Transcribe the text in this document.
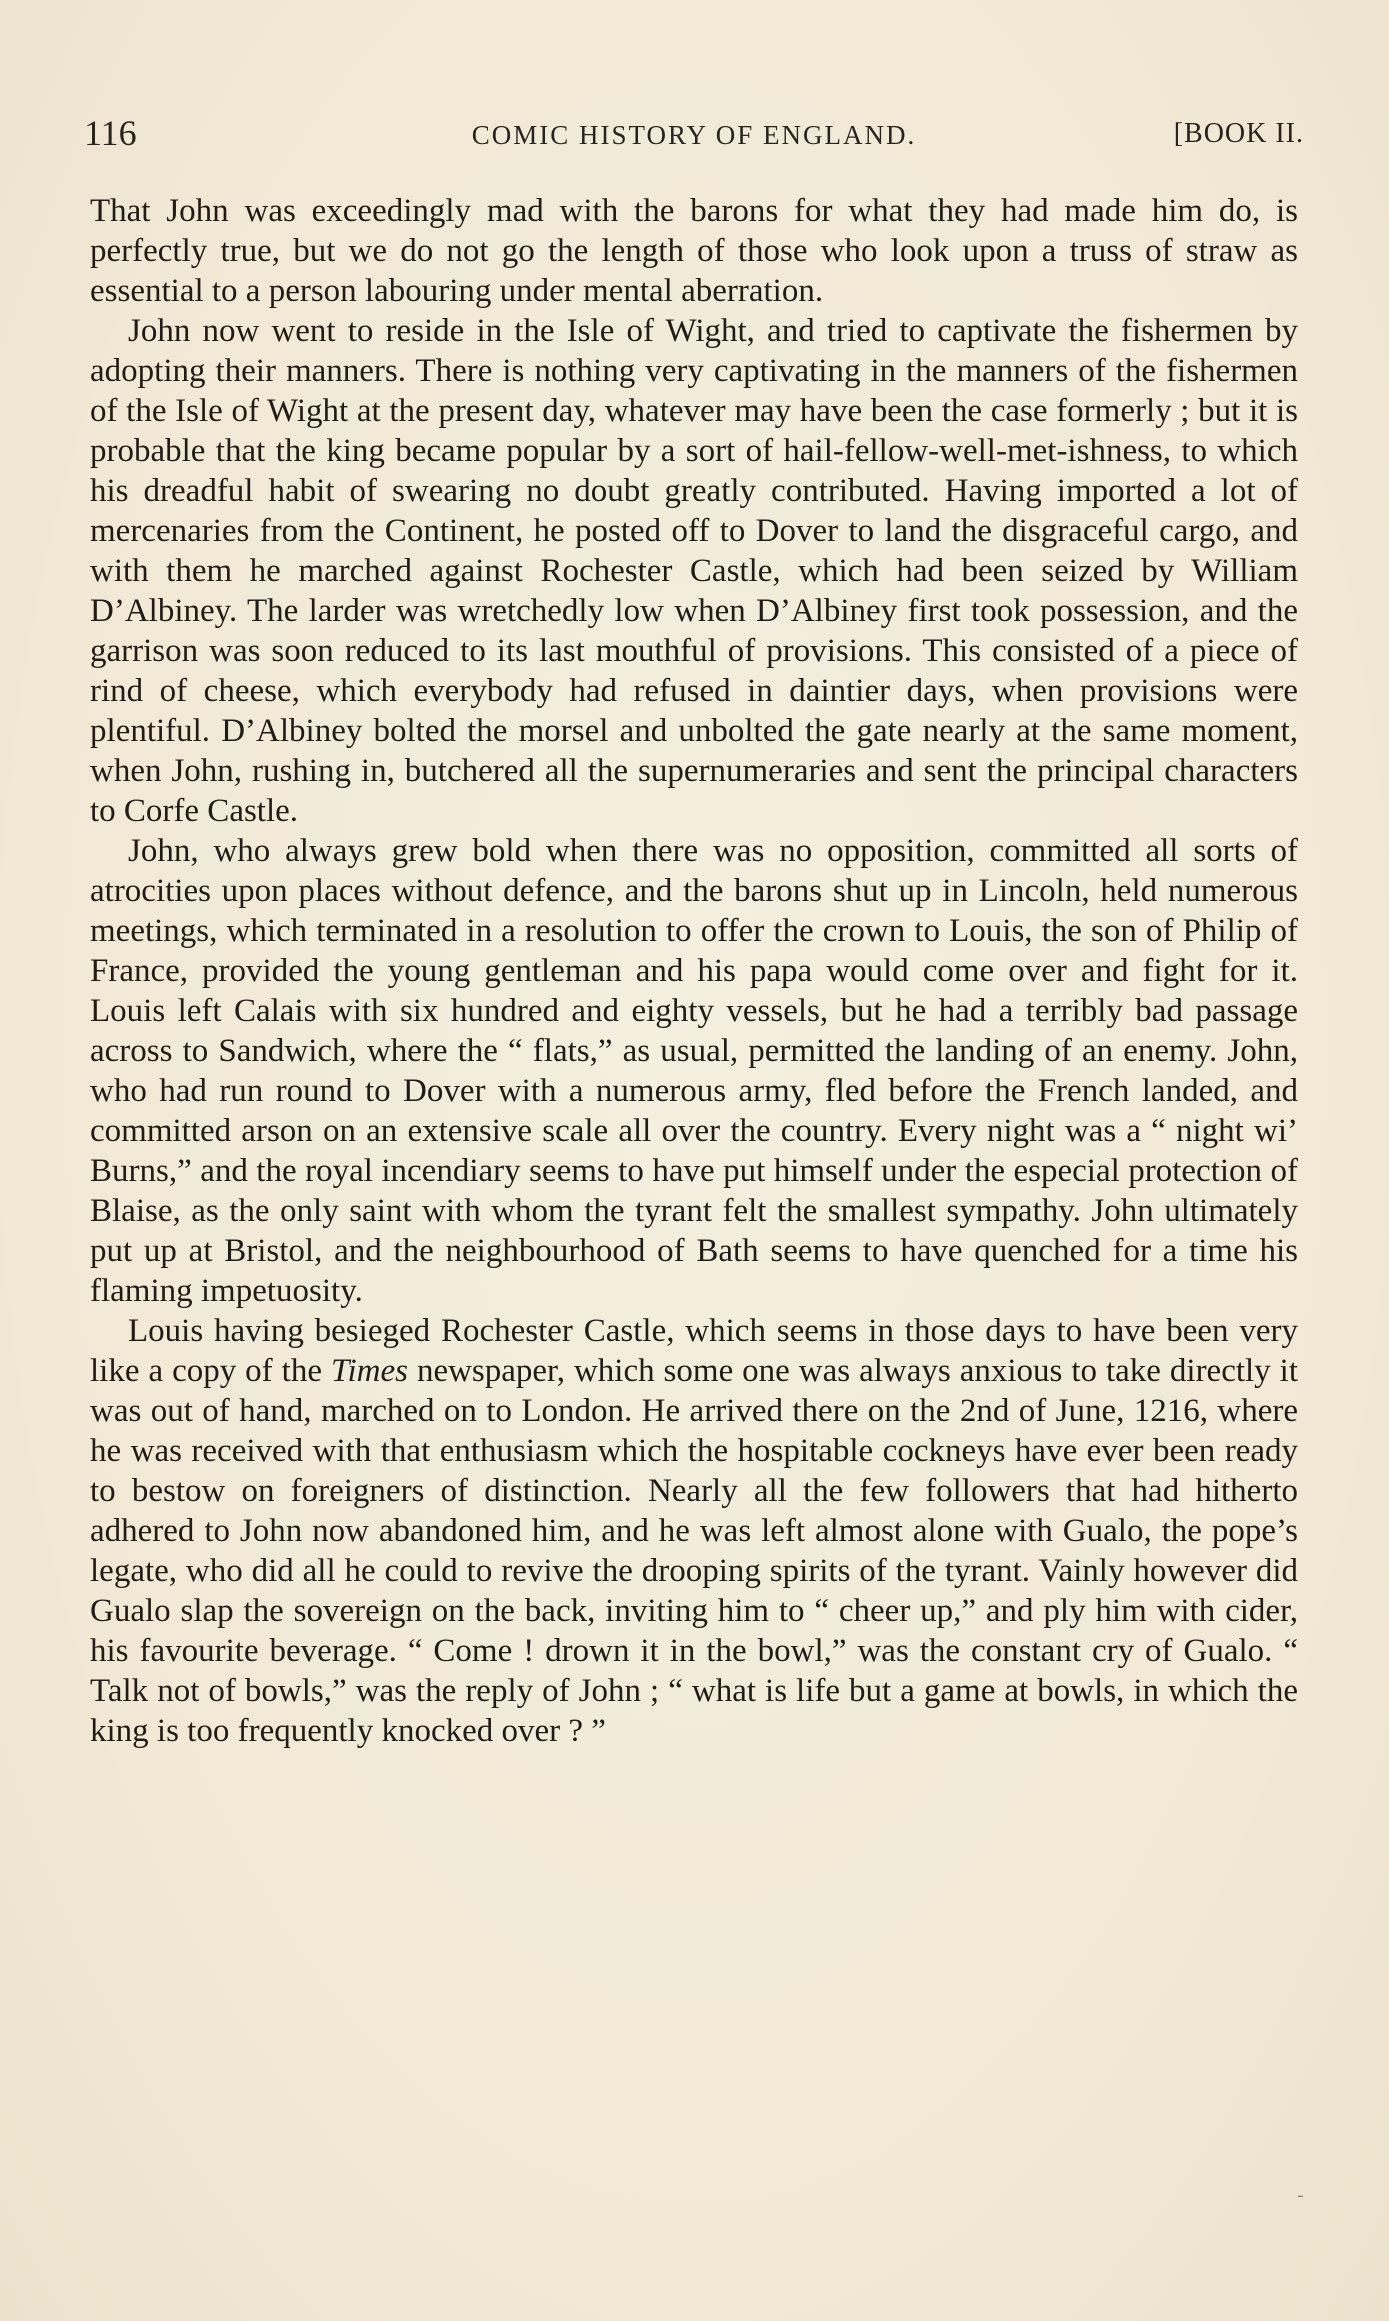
116	COMIC HISTORY OF ENGLAND.	[BOOK II.

That John was exceedingly mad with the barons for what they had made him do, is perfectly true, but we do not go the length of those who look upon a truss of straw as essential to a person labouring under mental aberration.

John now went to reside in the Isle of Wight, and tried to captivate the fishermen by adopting their manners. There is nothing very captivating in the manners of the fishermen of the Isle of Wight at the present day, whatever may have been the case formerly ; but it is probable that the king became popular by a sort of hail-fellow-well-met-ishness, to which his dreadful habit of swearing no doubt greatly contributed. Having imported a lot of mercenaries from the Continent, he posted off to Dover to land the disgraceful cargo, and with them he marched against Rochester Castle, which had been seized by William D’Albiney. The larder was wretchedly low when D’Albiney first took possession, and the garrison was soon reduced to its last mouthful of provisions. This consisted of a piece of rind of cheese, which everybody had refused in daintier days, when provisions were plentiful. D’Albiney bolted the morsel and unbolted the gate nearly at the same moment, when John, rushing in, butchered all the supernumeraries and sent the principal characters to Corfe Castle.

John, who always grew bold when there was no opposition, committed all sorts of atrocities upon places without defence, and the barons shut up in Lincoln, held numerous meetings, which terminated in a resolution to offer the crown to Louis, the son of Philip of France, provided the young gentleman and his papa would come over and fight for it. Louis left Calais with six hundred and eighty vessels, but he had a terribly bad passage across to Sandwich, where the “ flats,” as usual, permitted the landing of an enemy. John, who had run round to Dover with a numerous army, fled before the French landed, and committed arson on an extensive scale all over the country. Every night was a “ night wi’ Burns,” and the royal incendiary seems to have put himself under the especial protection of Blaise, as the only saint with whom the tyrant felt the smallest sympathy. John ultimately put up at Bristol, and the neighbourhood of Bath seems to have quenched for a time his flaming impetuosity.

Louis having besieged Rochester Castle, which seems in those days to have been very like a copy of the Times newspaper, which some one was always anxious to take directly it was out of hand, marched on to London. He arrived there on the 2nd of June, 1216, where he was received with that enthusiasm which the hospitable cockneys have ever been ready to bestow on foreigners of distinction. Nearly all the few followers that had hitherto adhered to John now abandoned him, and he was left almost alone with Gualo, the pope’s legate, who did all he could to revive the drooping spirits of the tyrant. Vainly however did Gualo slap the sovereign on the back, inviting him to “ cheer up,” and ply him with cider, his favourite beverage. “ Come ! drown it in the bowl,” was the constant cry of Gualo. “ Talk not of bowls,” was the reply of John ; “ what is life but a game at bowls, in which the king is too frequently knocked over ? ”

ˍ
